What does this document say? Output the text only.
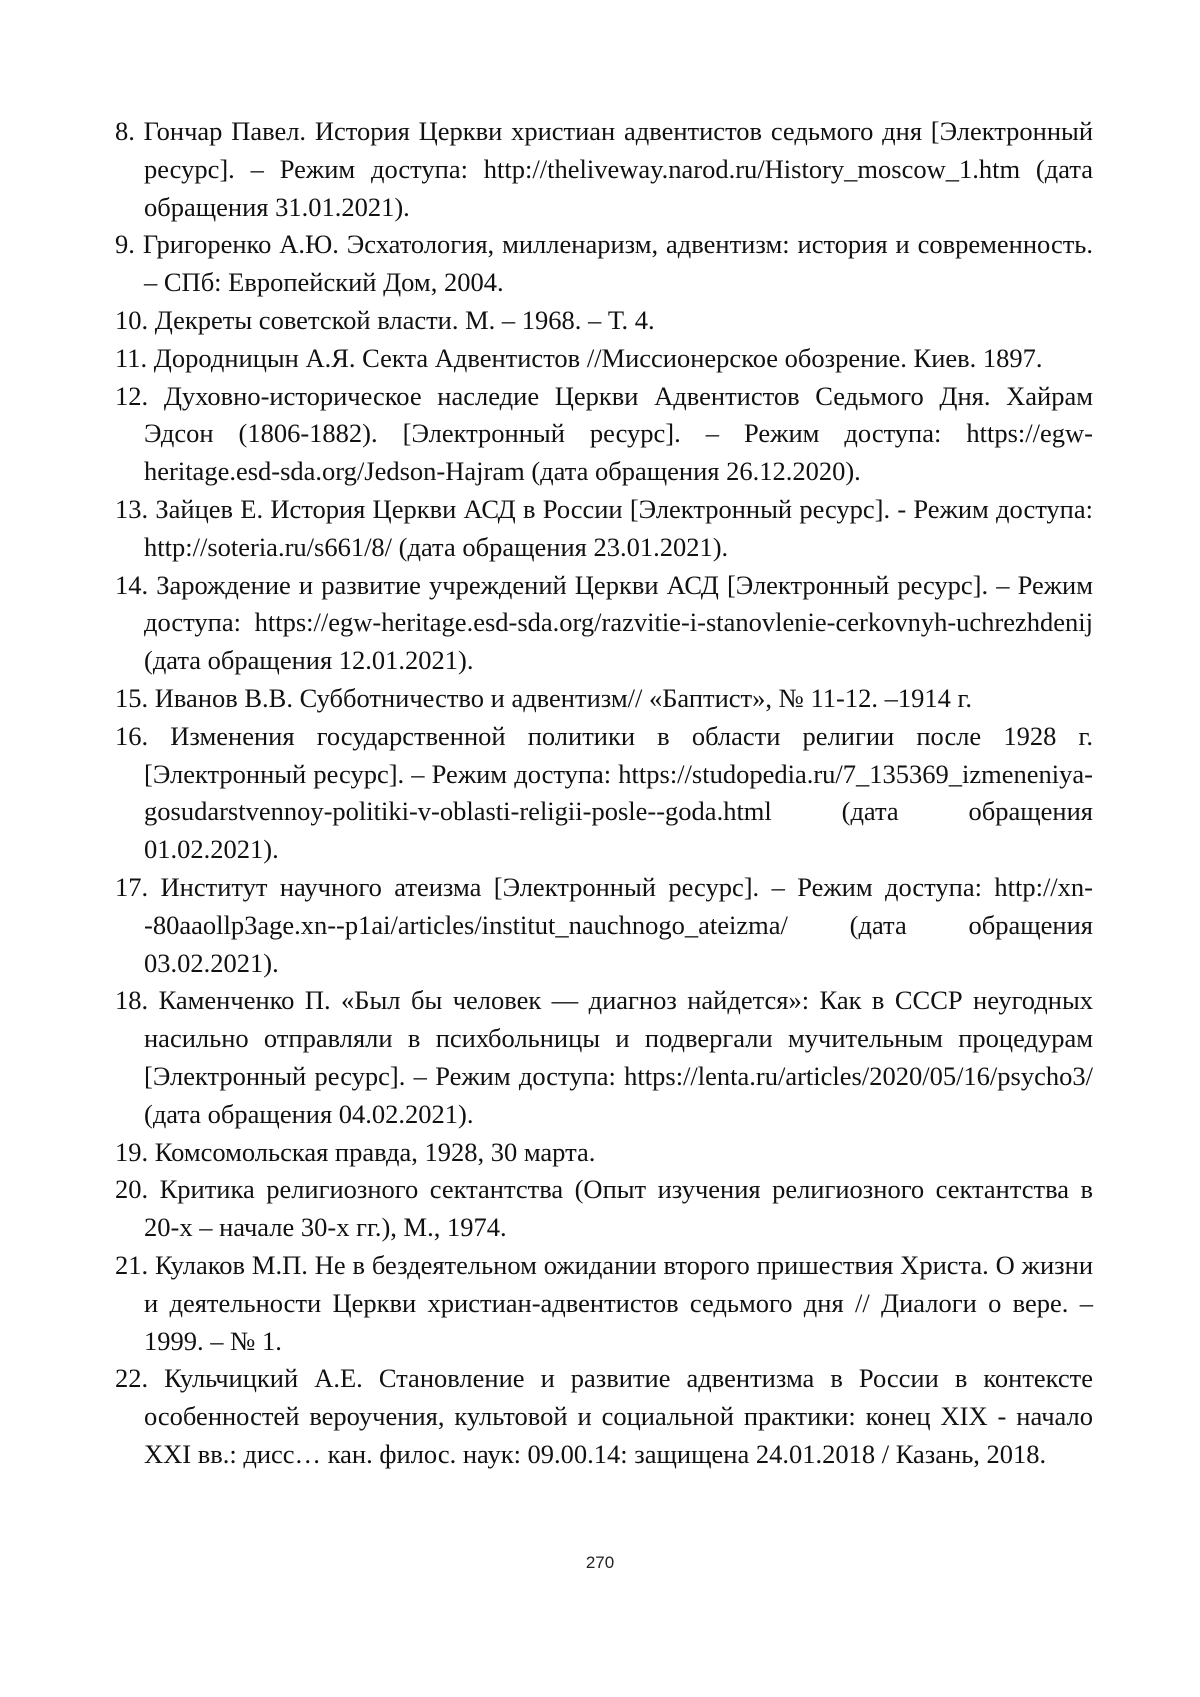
8. Гончар Павел. История Церкви христиан адвентистов седьмого дня [Электронный ресурс]. – Режим доступа: http://theliveway.narod.ru/History_moscow_1.htm (дата обращения 31.01.2021).
9. Григоренко А.Ю. Эсхатология, милленаризм, адвентизм: история и современность. – СПб: Европейский Дом, 2004.
10. Декреты советской власти. М. – 1968. – Т. 4.
11. Дородницын А.Я. Секта Адвентистов //Миссионерское обозрение. Киев. 1897.
12. Духовно-историческое наследие Церкви Адвентистов Седьмого Дня. Хайрам Эдсон (1806-1882). [Электронный ресурс]. – Режим доступа: https://egw-heritage.esd-sda.org/Jedson-Hajram (дата обращения 26.12.2020).
13. Зайцев Е. История Церкви АСД в России [Электронный ресурс]. - Режим доступа: http://soteria.ru/s661/8/ (дата обращения 23.01.2021).
14. Зарождение и развитие учреждений Церкви АСД [Электронный ресурс]. – Режим доступа: https://egw-heritage.esd-sda.org/razvitie-i-stanovlenie-cerkovnyh-uchrezhdenij (дата обращения 12.01.2021).
15. Иванов В.В. Субботничество и адвентизм// «Баптист», № 11-12. –1914 г.
16. Изменения государственной политики в области религии после 1928 г. [Электронный ресурс]. – Режим доступа: https://studopedia.ru/7_135369_izmeneniya-gosudarstvennoy-politiki-v-oblasti-religii-posle--goda.html (дата обращения 01.02.2021).
17. Институт научного атеизма [Электронный ресурс]. – Режим доступа: http://xn--80aaollp3age.xn--p1ai/articles/institut_nauchnogo_ateizma/ (дата обращения 03.02.2021).
18. Каменченко П. «Был бы человек — диагноз найдется»: Как в СССР неугодных насильно отправляли в психбольницы и подвергали мучительным процедурам [Электронный ресурс]. – Режим доступа: https://lenta.ru/articles/2020/05/16/psycho3/ (дата обращения 04.02.2021).
19. Комсомольская правда, 1928, 30 марта.
20. Критика религиозного сектантства (Опыт изучения религиозного сектантства в 20-х – начале 30-х гг.), М., 1974.
21. Кулаков М.П. Не в бездеятельном ожидании второго пришествия Христа. О жизни и деятельности Церкви христиан-адвентистов седьмого дня // Диалоги о вере. – 1999. – № 1.
22. Кульчицкий А.Е. Становление и развитие адвентизма в России в контексте особенностей вероучения, культовой и социальной практики: конец XIX - начало XXI вв.: дисс… кан. филос. наук: 09.00.14: защищена 24.01.2018 / Казань, 2018.
270
